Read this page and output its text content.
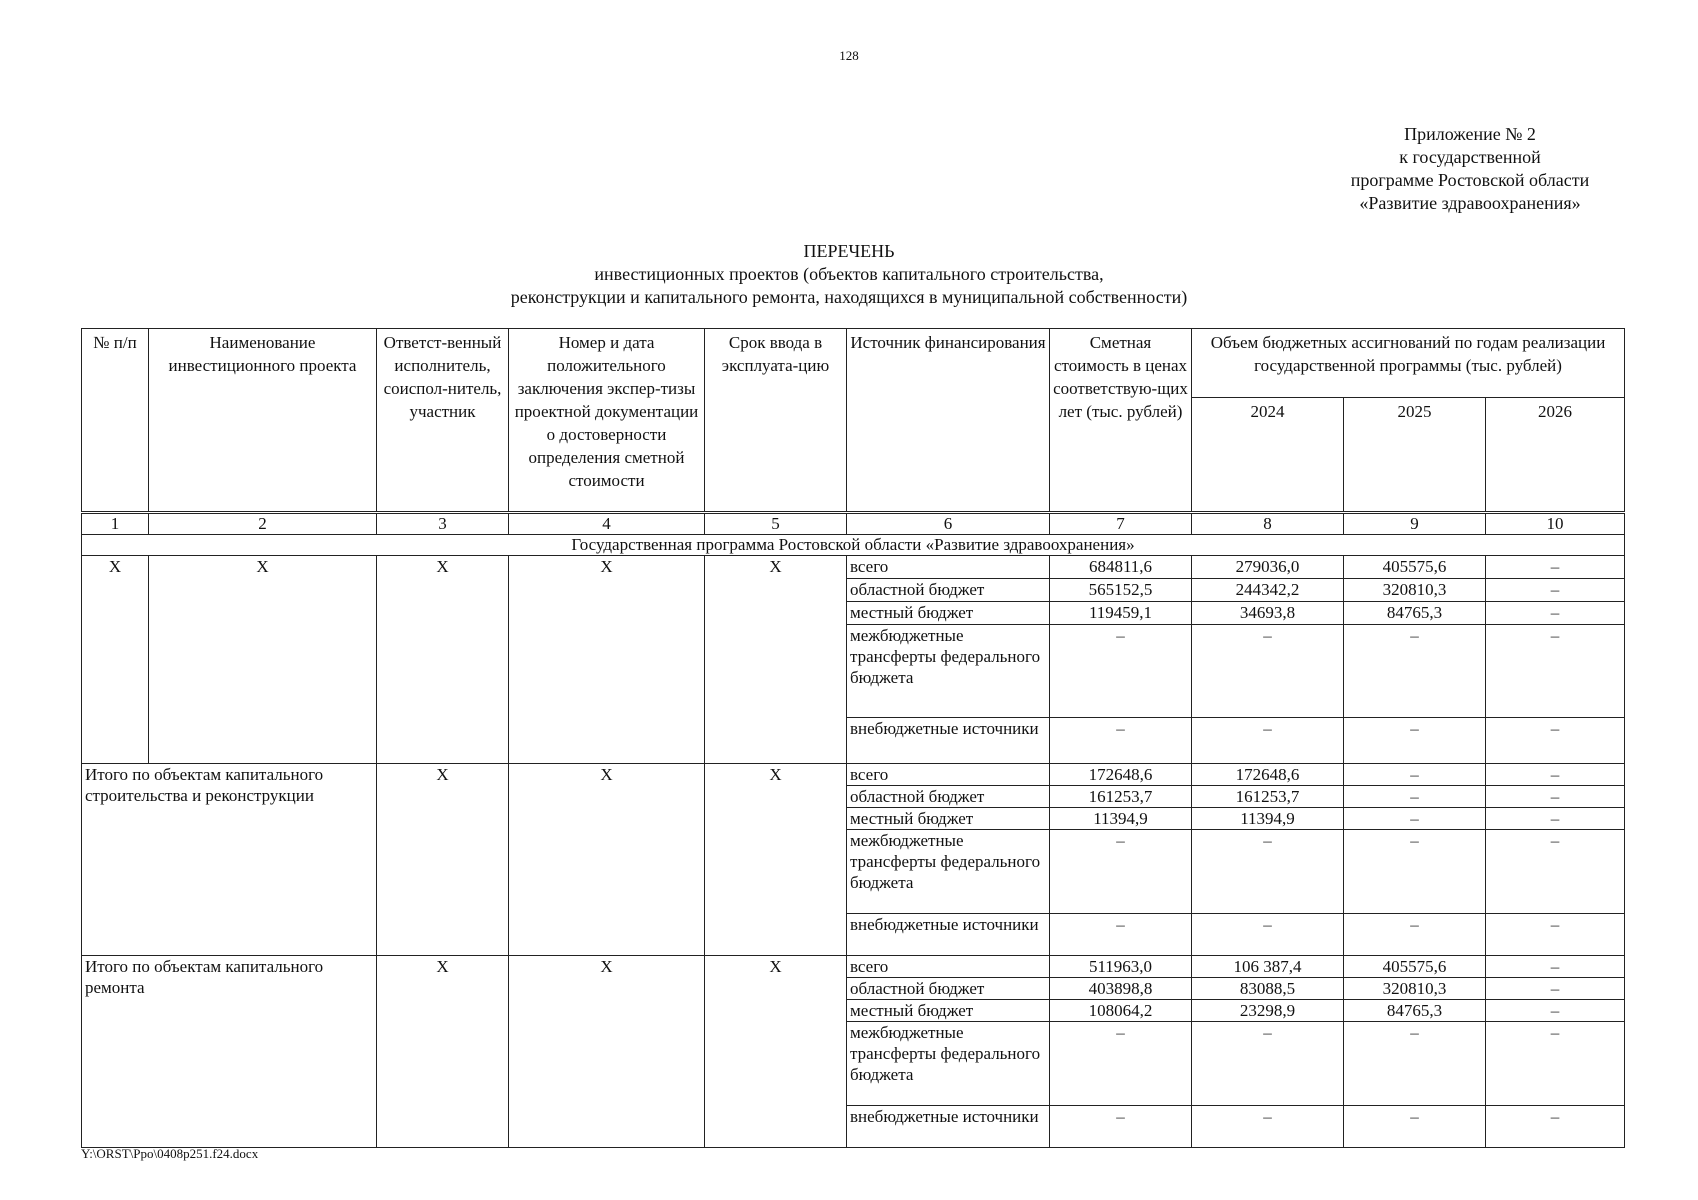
128
Приложение № 2
к государственной
программе Ростовской области
«Развитие здравоохранения»
ПЕРЕЧЕНЬ
инвестиционных проектов (объектов капитального строительства,
реконструкции и капитального ремонта, находящихся в муниципальной собственности)
№ п/п	Наименование инвестиционного проекта	Ответст-венный исполнитель, соиспол-нитель, участник	Номер и дата положительного заключения экспер-тизы проектной документации о достоверности определения сметной стоимости	Срок ввода в эксплуата-цию	Источник финансирования	Сметная стоимость в ценах соответствую-щих лет (тыс. рублей)	Объем бюджетных ассигнований по годам реализации государственной программы (тыс. рублей)		
							2024	2025	2026
1	2	3	4	5	6	7	8	9	10
Государственная программа Ростовской области «Развитие здравоохранения»									
X	X	X	X	X	всего	684811,6	279036,0	405575,6	–
					областной бюджет	565152,5	244342,2	320810,3	–
					местный бюджет	119459,1	34693,8	84765,3	–
					межбюджетные трансферты федерального бюджета	–	–	–	–
					внебюджетные источники	–	–	–	–
Итого по объектам капитального строительства и реконструкции		X	X	X	всего	172648,6	172648,6	–	–
					областной бюджет	161253,7	161253,7	–	–
					местный бюджет	11394,9	11394,9	–	–
					межбюджетные трансферты федерального бюджета	–	–	–	–
					внебюджетные источники	–	–	–	–
Итого по объектам капитального ремонта		X	X	X	всего	511963,0	106 387,4	405575,6	–
					областной бюджет	403898,8	83088,5	320810,3	–
					местный бюджет	108064,2	23298,9	84765,3	–
					межбюджетные трансферты федерального бюджета	–	–	–	–
					внебюджетные источники	–	–	–	–
Y:\ORST\Ppo\0408p251.f24.docx
